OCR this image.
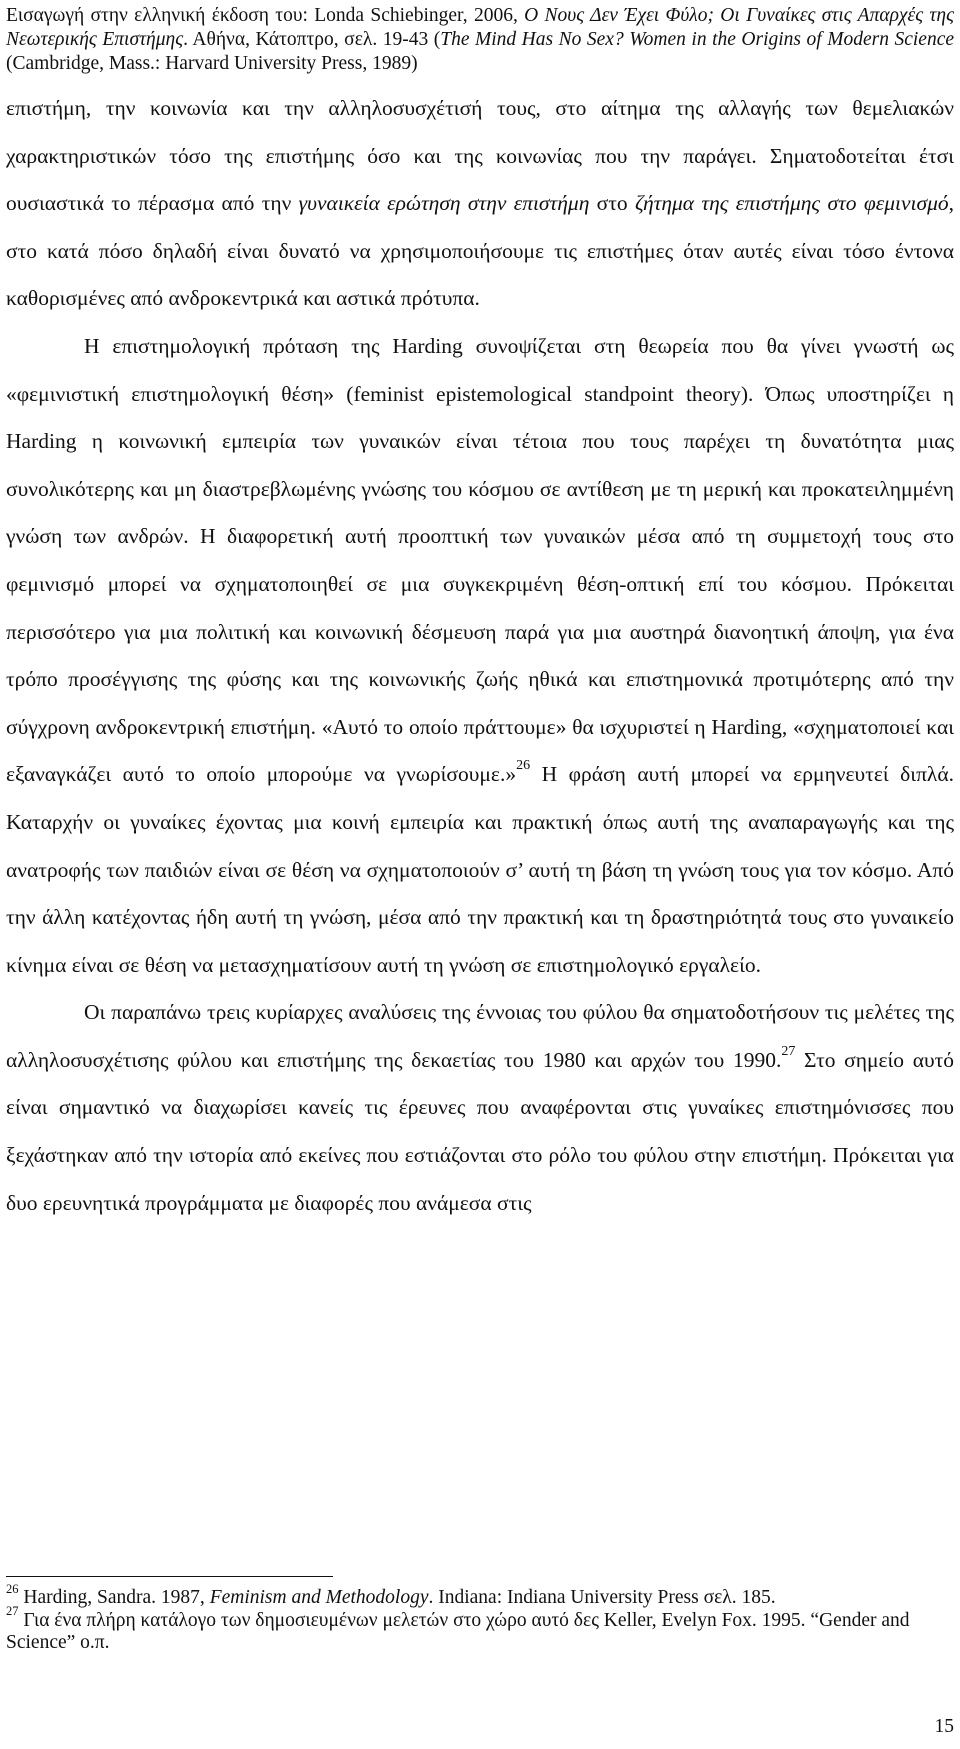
Εισαγωγή στην ελληνική έκδοση του: Londa Schiebinger, 2006, Ο Νους Δεν Έχει Φύλο; Οι Γυναίκες στις Απαρχές της Νεωτερικής Επιστήμης. Αθήνα, Κάτοπτρο, σελ. 19-43 (The Mind Has No Sex? Women in the Origins of Modern Science (Cambridge, Mass.: Harvard University Press, 1989)

επιστήμη, την κοινωνία και την αλληλοσυσχέτισή τους, στο αίτημα της αλλαγής των θεμελιακών χαρακτηριστικών τόσο της επιστήμης όσο και της κοινωνίας που την παράγει. Σηματοδοτείται έτσι ουσιαστικά το πέρασμα από την γυναικεία ερώτηση στην επιστήμη στο ζήτημα της επιστήμης στο φεμινισμό, στο κατά πόσο δηλαδή είναι δυνατό να χρησιμοποιήσουμε τις επιστήμες όταν αυτές είναι τόσο έντονα καθορισμένες από ανδροκεντρικά και αστικά πρότυπα.

Η επιστημολογική πρόταση της Harding συνοψίζεται στη θεωρεία που θα γίνει γνωστή ως «φεμινιστική επιστημολογική θέση» (feminist epistemological standpoint theory). Όπως υποστηρίζει η Harding η κοινωνική εμπειρία των γυναικών είναι τέτοια που τους παρέχει τη δυνατότητα μιας συνολικότερης και μη διαστρεβλωμένης γνώσης του κόσμου σε αντίθεση με τη μερική και προκατειλημμένη γνώση των ανδρών. Η διαφορετική αυτή προοπτική των γυναικών μέσα από τη συμμετοχή τους στο φεμινισμό μπορεί να σχηματοποιηθεί σε μια συγκεκριμένη θέση-οπτική επί του κόσμου. Πρόκειται περισσότερο για μια πολιτική και κοινωνική δέσμευση παρά για μια αυστηρά διανοητική άποψη, για ένα τρόπο προσέγγισης της φύσης και της κοινωνικής ζωής ηθικά και επιστημονικά προτιμότερης από την σύγχρονη ανδροκεντρική επιστήμη. «Αυτό το οποίο πράττουμε» θα ισχυριστεί η Harding, «σχηματοποιεί και εξαναγκάζει αυτό το οποίο μπορούμε να γνωρίσουμε.»$^{26}$ Η φράση αυτή μπορεί να ερμηνευτεί διπλά. Καταρχήν οι γυναίκες έχοντας μια κοινή εμπειρία και πρακτική όπως αυτή της αναπαραγωγής και της ανατροφής των παιδιών είναι σε θέση να σχηματοποιούν σ’ αυτή τη βάση τη γνώση τους για τον κόσμο. Από την άλλη κατέχοντας ήδη αυτή τη γνώση, μέσα από την πρακτική και τη δραστηριότητά τους στο γυναικείο κίνημα είναι σε θέση να μετασχηματίσουν αυτή τη γνώση σε επιστημολογικό εργαλείο.

Οι παραπάνω τρεις κυρίαρχες αναλύσεις της έννοιας του φύλου θα σηματοδοτήσουν τις μελέτες της αλληλοσυσχέτισης φύλου και επιστήμης της δεκαετίας του 1980 και αρχών του 1990.27 Στο σημείο αυτό είναι σημαντικό να διαχωρίσει κανείς τις έρευνες που αναφέρονται στις γυναίκες επιστημόνισσες που ξεχάστηκαν από την ιστορία από εκείνες που εστιάζονται στο ρόλο του φύλου στην επιστήμη. Πρόκειται για δυο ερευνητικά προγράμματα με διαφορές που ανάμεσα στις

$^{26}$ Harding, Sandra. 1987, Feminism and Methodology. Indiana: Indiana University Press σελ. 185.

$^{27}$ Για ένα πλήρη κατάλογο των δημοσιευμένων μελετών στο χώρο αυτό δες Keller, Evelyn Fox. 1995. “Gender and Science” ο.π.

15
